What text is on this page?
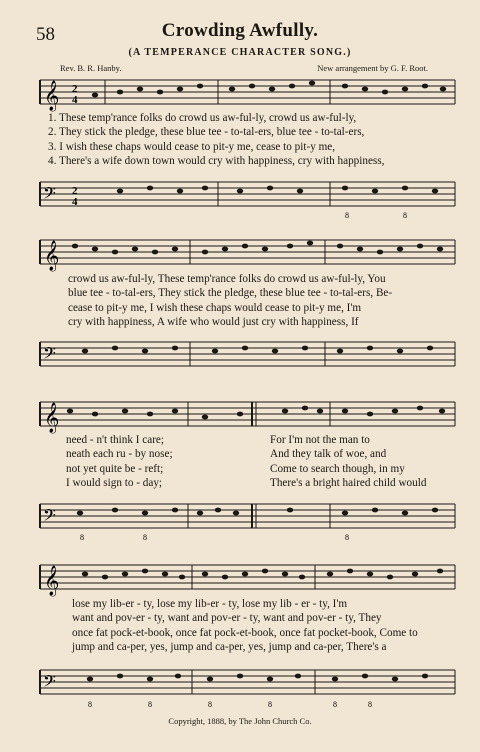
58	Crowding Awfully.
(A TEMPERANCE CHARACTER SONG.)
Rev. B. R. Hanby.	New arrangement by G. F. Root.
𝄞 2
4
1. These temp'rance folks do crowd us aw-ful-ly, crowd us aw-ful-ly,
2. They stick the pledge, these blue tee - to-tal-ers, blue tee - to-tal-ers,
3. I wish these chaps would cease to pit-y me, cease to pit-y me,
4. There's a wife down town would cry with happiness, cry with happiness,
𝄢 2
4
8	8
𝄞
crowd us aw-ful-ly, These temp'rance folks do crowd us aw-ful-ly, You
blue tee - to-tal-ers, They stick the pledge, these blue tee - to-tal-ers, Be-
cease to pit-y me, I wish these chaps would cease to pit-y me, I'm
cry with happiness, A wife who would just cry with happiness, If
𝄢
𝄞
need - n't think I care;
neath each ru - by nose;
not yet quite be - reft;
I would sign to - day;
For I'm not the man to
And they talk of woe, and
Come to search though, in my
There's a bright haired child would
𝄢
8	8	8
𝄞
lose my lib-er - ty, lose my lib-er - ty, lose my lib - er - ty, I'm
want and pov-er - ty, want and pov-er - ty, want and pov-er - ty, They
once fat pock-et-book, once fat pock-et-book, once fat pocket-book, Come to
jump and ca-per, yes, jump and ca-per, yes, jump and ca-per, There's a
𝄢
8	8	8	8	8	8
Copyright, 1888, by The John Church Co.
